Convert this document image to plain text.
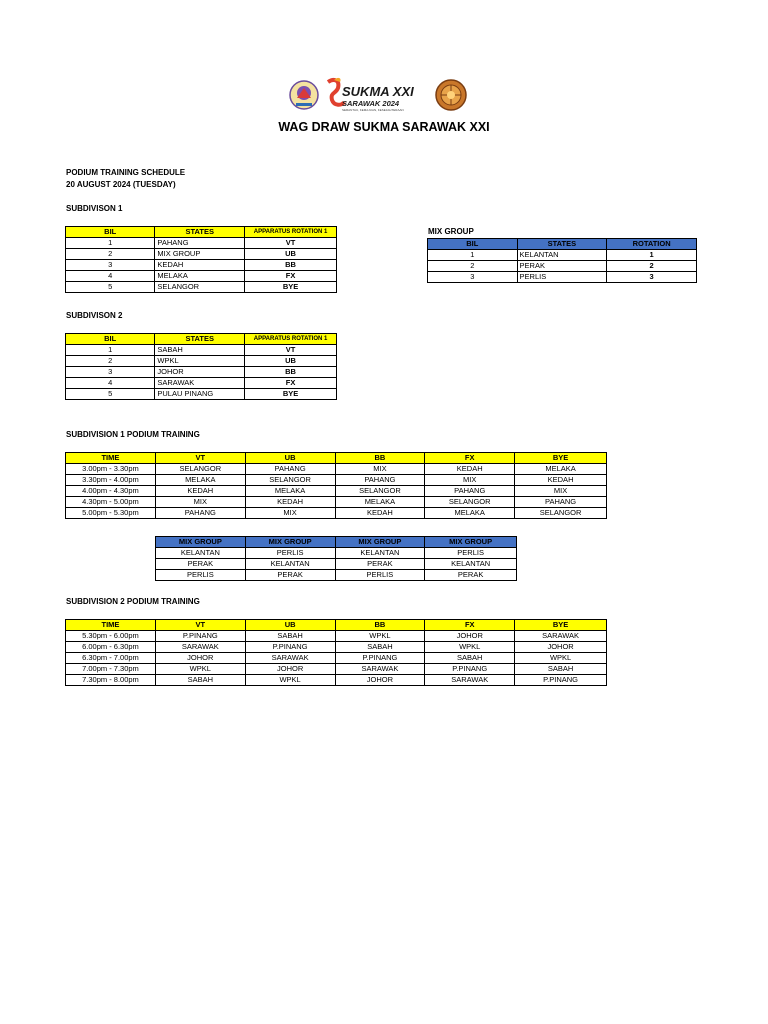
SUKMA XXI
SARAWAK 2024
SERANTAU, KEMAJUAN, KESEJAHTERAAN
WAG DRAW SUKMA SARAWAK XXI
PODIUM TRAINING SCHEDULE
20 AUGUST 2024 (TUESDAY)
SUBDIVISON 1
BIL	STATES	APPARATUS ROTATION 1
1	PAHANG	VT
2	MIX GROUP	UB
3	KEDAH	BB
4	MELAKA	FX
5	SELANGOR	BYE
MIX GROUP
BIL	STATES	ROTATION
1	KELANTAN	1
2	PERAK	2
3	PERLIS	3
SUBDIVISON 2
BIL	STATES	APPARATUS ROTATION 1
1	SABAH	VT
2	WPKL	UB
3	JOHOR	BB
4	SARAWAK	FX
5	PULAU PINANG	BYE
SUBDIVISION 1 PODIUM TRAINING
TIME	VT	UB	BB	FX	BYE
3.00pm - 3.30pm	SELANGOR	PAHANG	MIX	KEDAH	MELAKA
3.30pm - 4.00pm	MELAKA	SELANGOR	PAHANG	MIX	KEDAH
4.00pm - 4.30pm	KEDAH	MELAKA	SELANGOR	PAHANG	MIX
4.30pm - 5.00pm	MIX	KEDAH	MELAKA	SELANGOR	PAHANG
5.00pm - 5.30pm	PAHANG	MIX	KEDAH	MELAKA	SELANGOR
MIX GROUP	MIX GROUP	MIX GROUP	MIX GROUP
KELANTAN	PERLIS	KELANTAN	PERLIS
PERAK	KELANTAN	PERAK	KELANTAN
PERLIS	PERAK	PERLIS	PERAK
SUBDIVISION 2 PODIUM TRAINING
TIME	VT	UB	BB	FX	BYE
5.30pm - 6.00pm	P.PINANG	SABAH	WPKL	JOHOR	SARAWAK
6.00pm - 6.30pm	SARAWAK	P.PINANG	SABAH	WPKL	JOHOR
6.30pm - 7.00pm	JOHOR	SARAWAK	P.PINANG	SABAH	WPKL
7.00pm - 7.30pm	WPKL	JOHOR	SARAWAK	P.PINANG	SABAH
7.30pm - 8.00pm	SABAH	WPKL	JOHOR	SARAWAK	P.PINANG
